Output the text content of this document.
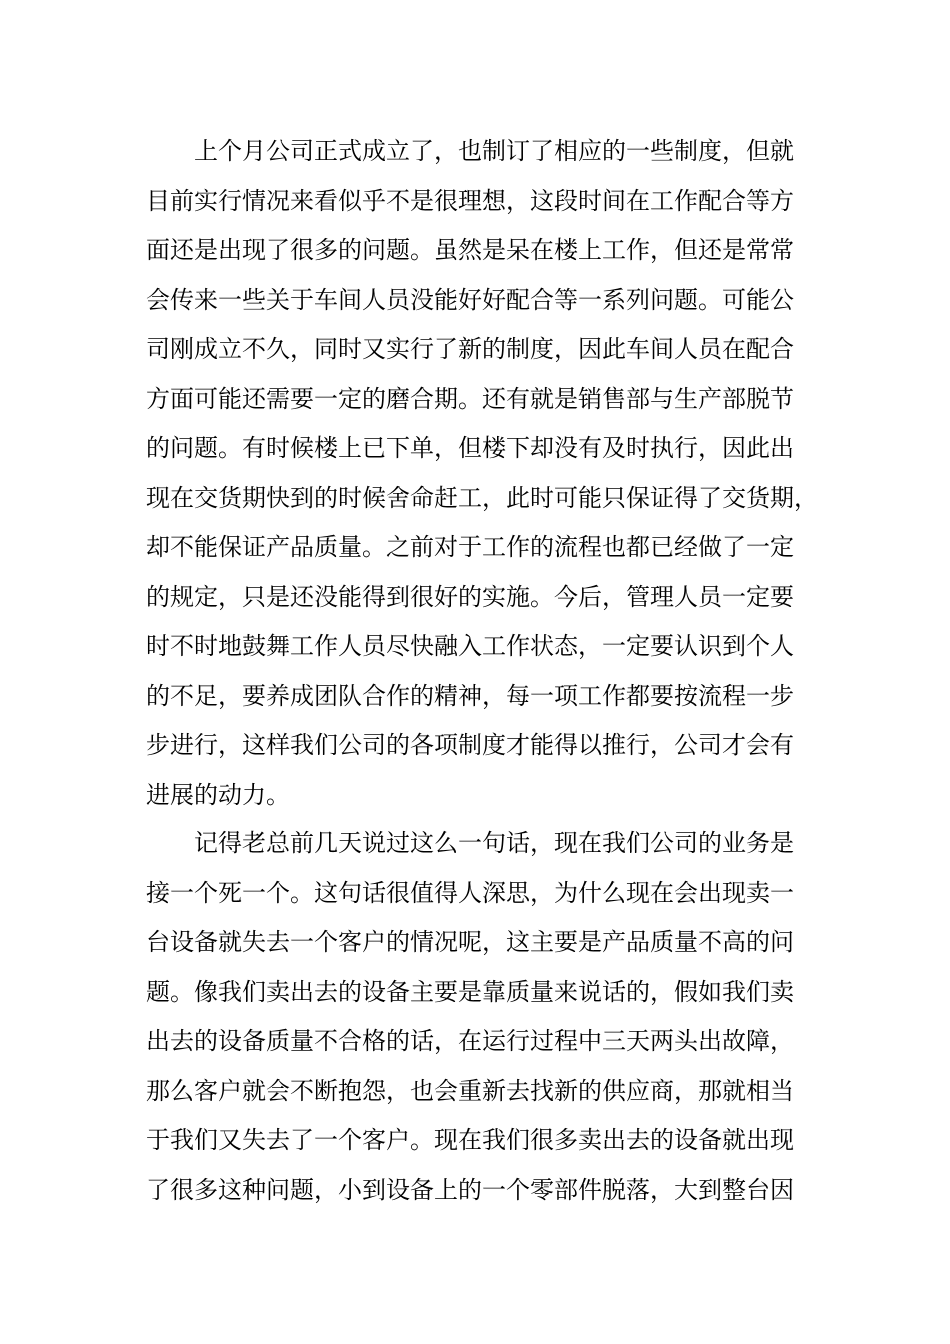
上个月公司正式成立了，也制订了相应的一些制度，但就
目前实行情况来看似乎不是很理想，这段时间在工作配合等方
面还是出现了很多的问题。虽然是呆在楼上工作，但还是常常
会传来一些关于车间人员没能好好配合等一系列问题。可能公
司刚成立不久，同时又实行了新的制度，因此车间人员在配合
方面可能还需要一定的磨合期。还有就是销售部与生产部脱节
的问题。有时候楼上已下单，但楼下却没有及时执行，因此出
现在交货期快到的时候舍命赶工，此时可能只保证得了交货期，
却不能保证产品质量。之前对于工作的流程也都已经做了一定
的规定，只是还没能得到很好的实施。今后，管理人员一定要
时不时地鼓舞工作人员尽快融入工作状态，一定要认识到个人
的不足，要养成团队合作的精神，每一项工作都要按流程一步
步进行，这样我们公司的各项制度才能得以推行，公司才会有
进展的动力。

记得老总前几天说过这么一句话，现在我们公司的业务是
接一个死一个。这句话很值得人深思，为什么现在会出现卖一
台设备就失去一个客户的情况呢，这主要是产品质量不高的问
题。像我们卖出去的设备主要是靠质量来说话的，假如我们卖
出去的设备质量不合格的话，在运行过程中三天两头出故障，
那么客户就会不断抱怨，也会重新去找新的供应商，那就相当
于我们又失去了一个客户。现在我们很多卖出去的设备就出现
了很多这种问题，小到设备上的一个零部件脱落，大到整台因
